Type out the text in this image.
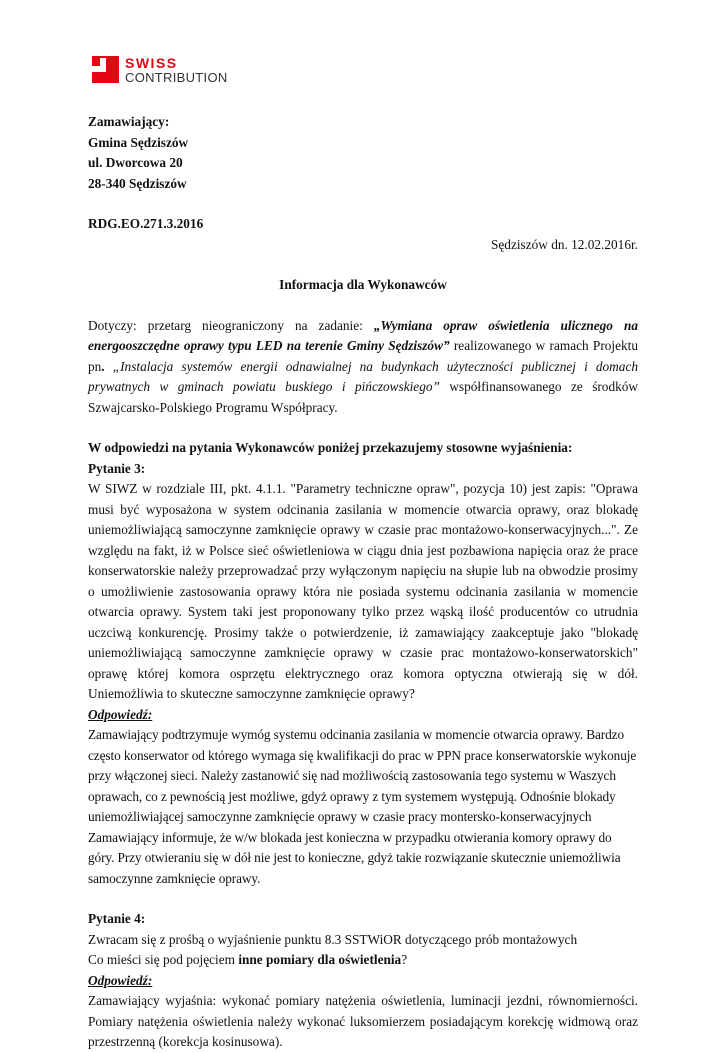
SWISS
CONTRIBUTION

Zamawiający:

Gmina Sędziszów

ul. Dworcowa 20

28-340 Sędziszów

RDG.EO.271.3.2016

Sędziszów dn. 12.02.2016r.

Informacja dla Wykonawców

Dotyczy: przetarg nieograniczony na zadanie: „Wymiana opraw oświetlenia ulicznego na energooszczędne oprawy typu LED na terenie Gminy Sędziszów” realizowanego w ramach Projektu pn. „Instalacja systemów energii odnawialnej na budynkach użyteczności publicznej i domach prywatnych w gminach powiatu buskiego i pińczowskiego” współfinansowanego ze środków Szwajcarsko-Polskiego Programu Współpracy.

W odpowiedzi na pytania Wykonawców poniżej przekazujemy stosowne wyjaśnienia:

Pytanie 3:

W SIWZ w rozdziale III, pkt. 4.1.1. "Parametry techniczne opraw", pozycja 10) jest zapis: "Oprawa musi być wyposażona w system odcinania zasilania w momencie otwarcia oprawy, oraz blokadę uniemożliwiającą samoczynne zamknięcie oprawy w czasie prac montażowo-konserwacyjnych...". Ze względu na fakt, iż w Polsce sieć oświetleniowa w ciągu dnia jest pozbawiona napięcia oraz że prace konserwatorskie należy przeprowadzać przy wyłączonym napięciu na słupie lub na obwodzie prosimy o umożliwienie zastosowania oprawy która nie posiada systemu odcinania zasilania w momencie otwarcia oprawy. System taki jest proponowany tylko przez wąską ilość producentów co utrudnia uczciwą konkurencję. Prosimy także o potwierdzenie, iż zamawiający zaakceptuje jako "blokadę uniemożliwiającą samoczynne zamknięcie oprawy w czasie prac montażowo-konserwatorskich" oprawę której komora osprzętu elektrycznego oraz komora optyczna otwierają się w dół. Uniemożliwia to skuteczne samoczynne zamknięcie oprawy?

Odpowiedź:

Zamawiający podtrzymuje wymóg systemu odcinania zasilania w momencie otwarcia oprawy. Bardzo często konserwator od którego wymaga się kwalifikacji do prac w PPN prace konserwatorskie wykonuje przy włączonej sieci. Należy zastanowić się nad możliwością zastosowania tego systemu w Waszych oprawach, co z pewnością jest możliwe, gdyż oprawy z tym systemem występują. Odnośnie blokady uniemożliwiającej samoczynne zamknięcie oprawy w czasie pracy montersko-konserwacyjnych Zamawiający informuje, że w/w blokada jest konieczna w przypadku otwierania komory oprawy do góry. Przy otwieraniu się w dół nie jest to konieczne, gdyż takie rozwiązanie skutecznie uniemożliwia samoczynne zamknięcie oprawy.

Pytanie 4:

Zwracam się z prośbą o wyjaśnienie punktu 8.3 SSTWiOR dotyczącego prób montażowych

Co mieści się pod pojęciem inne pomiary dla oświetlenia?

Odpowiedź:

Zamawiający wyjaśnia: wykonać pomiary natężenia oświetlenia, luminacji jezdni, równomierności. Pomiary natężenia oświetlenia należy wykonać luksomierzem posiadającym korekcję widmową oraz przestrzenną (korekcja kosinusowa).
